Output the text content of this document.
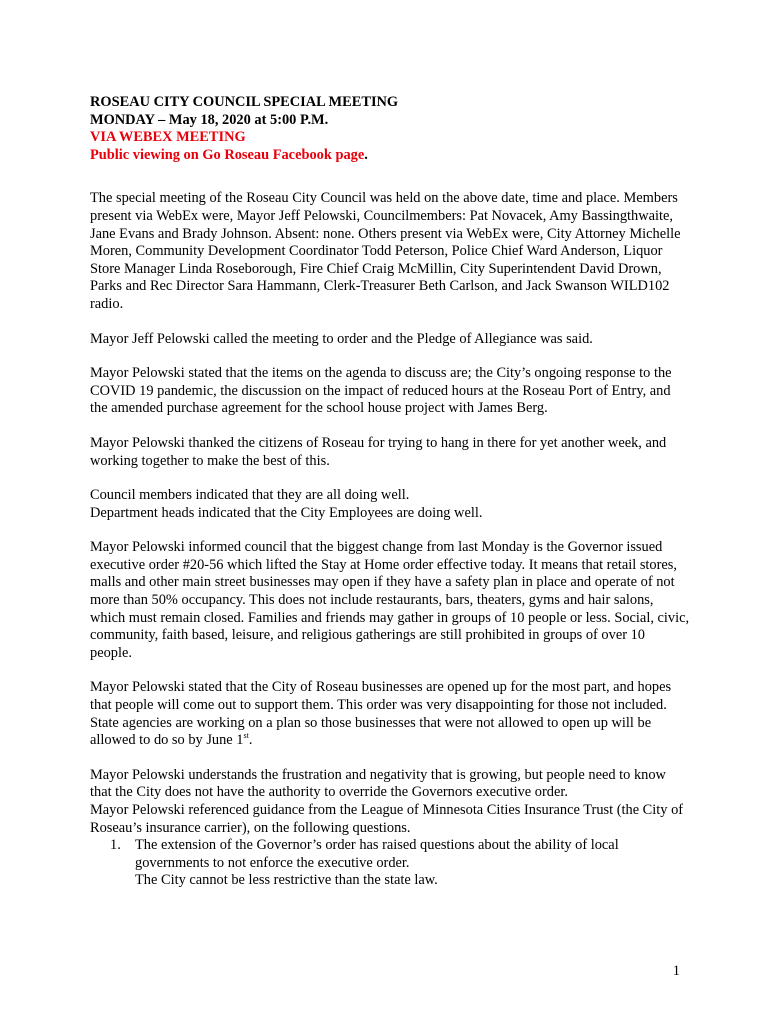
ROSEAU CITY COUNCIL SPECIAL MEETING
MONDAY – May 18, 2020 at 5:00 P.M.
VIA WEBEX MEETING
Public viewing on Go Roseau Facebook page.

The special meeting of the Roseau City Council was held on the above date, time and place. Members present via WebEx were, Mayor Jeff Pelowski, Councilmembers: Pat Novacek, Amy Bassingthwaite, Jane Evans and Brady Johnson. Absent: none. Others present via WebEx were, City Attorney Michelle Moren, Community Development Coordinator Todd Peterson, Police Chief Ward Anderson, Liquor Store Manager Linda Roseborough, Fire Chief Craig McMillin, City Superintendent David Drown, Parks and Rec Director Sara Hammann, Clerk-Treasurer Beth Carlson, and Jack Swanson WILD102 radio.

Mayor Jeff Pelowski called the meeting to order and the Pledge of Allegiance was said.

Mayor Pelowski stated that the items on the agenda to discuss are; the City’s ongoing response to the COVID 19 pandemic, the discussion on the impact of reduced hours at the Roseau Port of Entry, and the amended purchase agreement for the school house project with James Berg.

Mayor Pelowski thanked the citizens of Roseau for trying to hang in there for yet another week, and working together to make the best of this.

Council members indicated that they are all doing well.

Department heads indicated that the City Employees are doing well.

Mayor Pelowski informed council that the biggest change from last Monday is the Governor issued executive order #20-56 which lifted the Stay at Home order effective today. It means that retail stores, malls and other main street businesses may open if they have a safety plan in place and operate of not more than 50% occupancy. This does not include restaurants, bars, theaters, gyms and hair salons, which must remain closed. Families and friends may gather in groups of 10 people or less. Social, civic, community, faith based, leisure, and religious gatherings are still prohibited in groups of over 10 people.

Mayor Pelowski stated that the City of Roseau businesses are opened up for the most part, and hopes that people will come out to support them. This order was very disappointing for those not included. State agencies are working on a plan so those businesses that were not allowed to open up will be allowed to do so by June 1st.

Mayor Pelowski understands the frustration and negativity that is growing, but people need to know that the City does not have the authority to override the Governors executive order.

Mayor Pelowski referenced guidance from the League of Minnesota Cities Insurance Trust (the City of Roseau’s insurance carrier), on the following questions.

1. The extension of the Governor’s order has raised questions about the ability of local governments to not enforce the executive order.
The City cannot be less restrictive than the state law.
1
